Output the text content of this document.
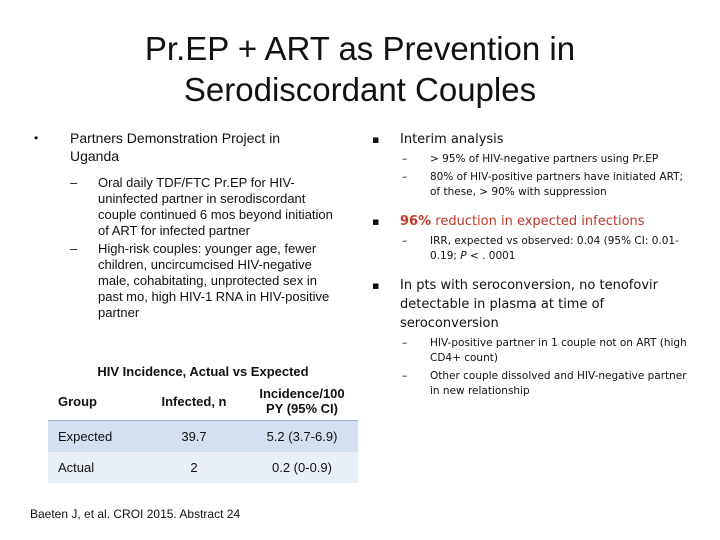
Pr.EP + ART as Prevention in
Serodiscordant Couples
•	Partners Demonstration Project in Uganda
–	Oral daily TDF/FTC Pr.EP for HIV-uninfected partner in serodiscordant couple continued 6 mos beyond initiation of ART for infected partner
–	High-risk couples: younger age, fewer children, uncircumcised HIV-negative male, cohabitating, unprotected sex in past mo, high HIV-1 RNA in HIV-positive partner
▪	Interim analysis
–	> 95% of HIV-negative partners using Pr.EP
–	80% of HIV-positive partners have initiated ART; of these, > 90% with suppression
▪	96% reduction in expected infections
–	IRR, expected vs observed: 0.04 (95% CI: 0.01-0.19; P < . 0001
▪	In pts with seroconversion, no tenofovir detectable in plasma at time of seroconversion
–	HIV-positive partner in 1 couple not on ART (high CD4+ count)
–	Other couple dissolved and HIV-negative partner in new relationship
HIV Incidence, Actual vs Expected
Group	Infected, n	Incidence/100 PY (95% CI)
Expected	39.7	5.2 (3.7-6.9)
Actual	2	0.2 (0-0.9)
Baeten J, et al. CROI 2015. Abstract 24
